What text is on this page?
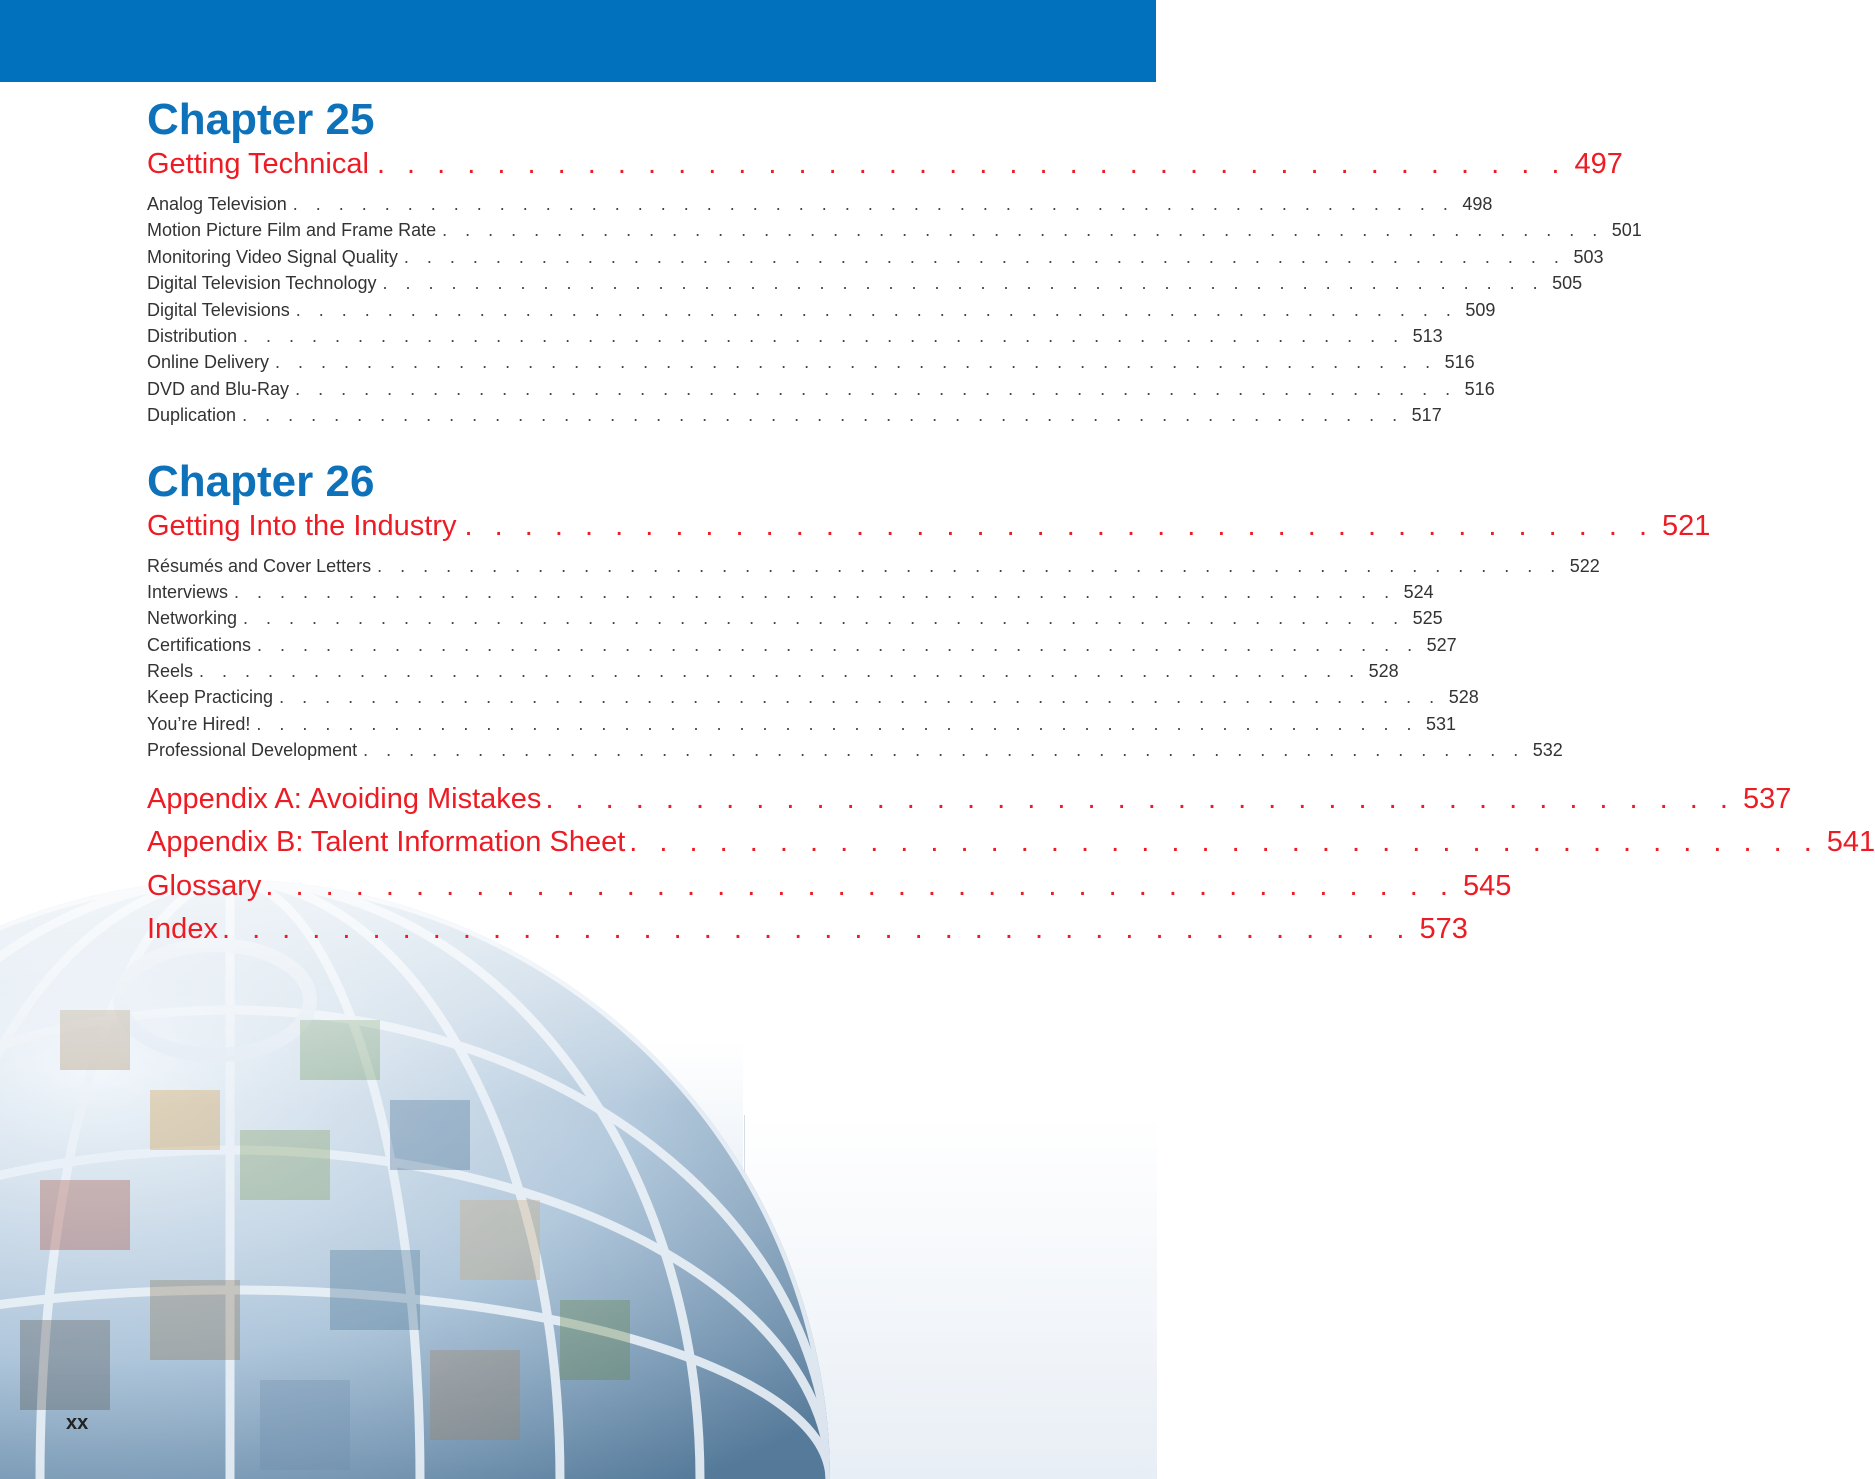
Chapter 25
Getting Technical . . . . . . . . . . . . . . . . . . . . . . . . . . . . . . . . . . . . . . . . 497
Analog Television . . . . . . . . . . . . . . . . . . . . . . . . . . . . . . . . . . . . . . . . . . . . . . . . . . . 498
Motion Picture Film and Frame Rate . . . . . . . . . . . . . . . . . . . . . . . . . . . . . . . . . . . . . . . . . . . . . . . . . . . 501
Monitoring Video Signal Quality . . . . . . . . . . . . . . . . . . . . . . . . . . . . . . . . . . . . . . . . . . . . . . . . . . . 503
Digital Television Technology . . . . . . . . . . . . . . . . . . . . . . . . . . . . . . . . . . . . . . . . . . . . . . . . . . . 505
Digital Televisions . . . . . . . . . . . . . . . . . . . . . . . . . . . . . . . . . . . . . . . . . . . . . . . . . . . 509
Distribution . . . . . . . . . . . . . . . . . . . . . . . . . . . . . . . . . . . . . . . . . . . . . . . . . . . 513
Online Delivery . . . . . . . . . . . . . . . . . . . . . . . . . . . . . . . . . . . . . . . . . . . . . . . . . . . 516
DVD and Blu-Ray . . . . . . . . . . . . . . . . . . . . . . . . . . . . . . . . . . . . . . . . . . . . . . . . . . . 516
Duplication . . . . . . . . . . . . . . . . . . . . . . . . . . . . . . . . . . . . . . . . . . . . . . . . . . . 517
Chapter 26
Getting Into the Industry . . . . . . . . . . . . . . . . . . . . . . . . . . . . . . . . . . . . . . . . 521
Résumés and Cover Letters . . . . . . . . . . . . . . . . . . . . . . . . . . . . . . . . . . . . . . . . . . . . . . . . . . . . 522
Interviews . . . . . . . . . . . . . . . . . . . . . . . . . . . . . . . . . . . . . . . . . . . . . . . . . . . 524
Networking . . . . . . . . . . . . . . . . . . . . . . . . . . . . . . . . . . . . . . . . . . . . . . . . . . . 525
Certifications . . . . . . . . . . . . . . . . . . . . . . . . . . . . . . . . . . . . . . . . . . . . . . . . . . . 527
Reels . . . . . . . . . . . . . . . . . . . . . . . . . . . . . . . . . . . . . . . . . . . . . . . . . . . 528
Keep Practicing . . . . . . . . . . . . . . . . . . . . . . . . . . . . . . . . . . . . . . . . . . . . . . . . . . . 528
You’re Hired! . . . . . . . . . . . . . . . . . . . . . . . . . . . . . . . . . . . . . . . . . . . . . . . . . . . 531
Professional Development . . . . . . . . . . . . . . . . . . . . . . . . . . . . . . . . . . . . . . . . . . . . . . . . . . . 532
Appendix A: Avoiding Mistakes . . . . . . . . . . . . . . . . . . . . . . . . . . . . . . . . . . . . . . . . 537
Appendix B: Talent Information Sheet . . . . . . . . . . . . . . . . . . . . . . . . . . . . . . . . . . . . . . . . 541
Glossary . . . . . . . . . . . . . . . . . . . . . . . . . . . . . . . . . . . . . . . . 545
Index . . . . . . . . . . . . . . . . . . . . . . . . . . . . . . . . . . . . . . . . 573
xx
